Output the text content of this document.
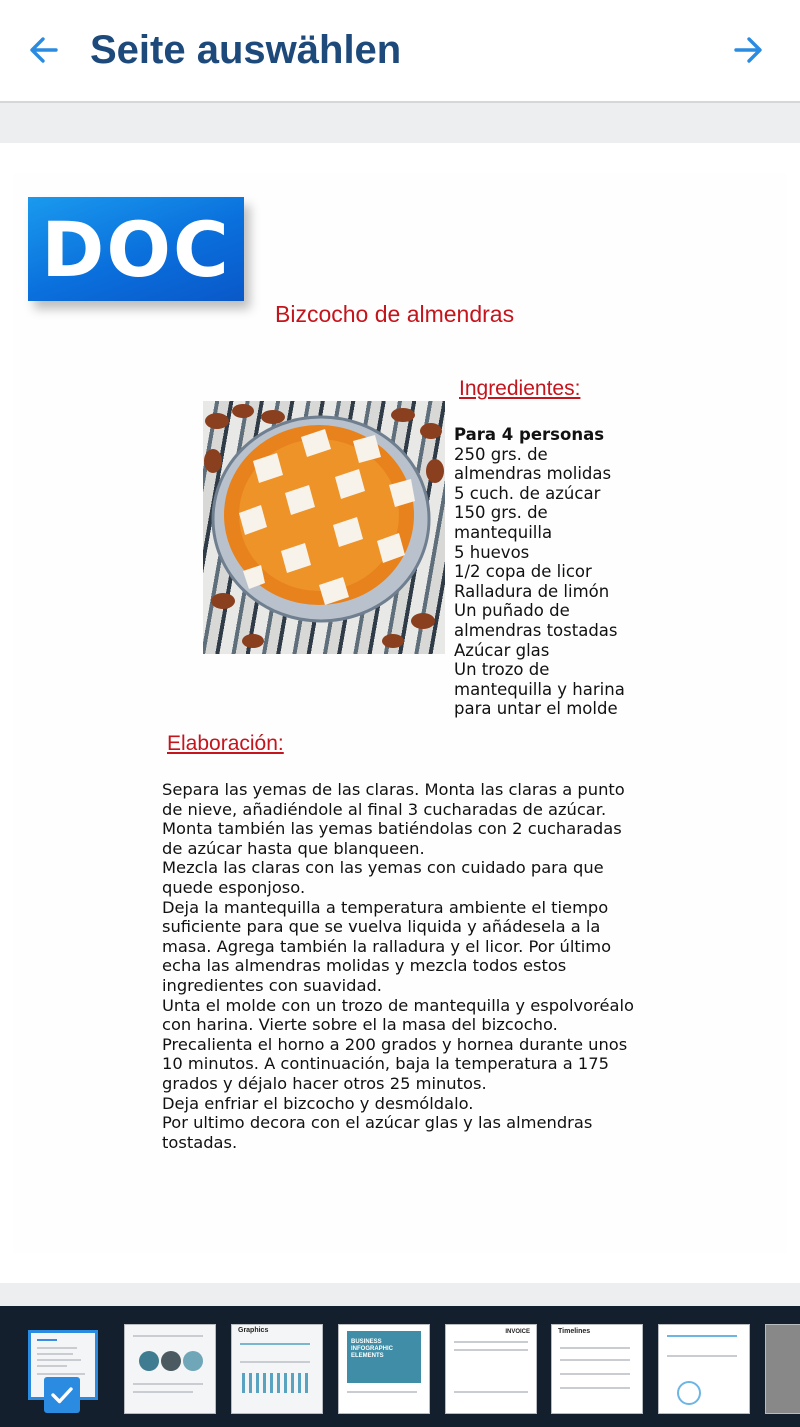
Seite auswählen
DOC
Bizcocho de almendras
Ingredientes:
Para 4 personas
250 grs. de
almendras molidas
5 cuch. de azúcar
150 grs. de
mantequilla
5 huevos
1/2 copa de licor
Ralladura de limón
Un puñado de
almendras tostadas
Azúcar glas
Un trozo de
mantequilla y harina
para untar el molde
Elaboración:
Separa las yemas de las claras. Monta las claras a punto
de nieve, añadiéndole al final 3 cucharadas de azúcar.
Monta también las yemas batiéndolas con 2 cucharadas
de azúcar hasta que blanqueen.
Mezcla las claras con las yemas con cuidado para que
quede esponjoso.
Deja la mantequilla a temperatura ambiente el tiempo
suficiente para que se vuelva liquida y añádesela a la
masa. Agrega también la ralladura y el licor. Por último
echa las almendras molidas y mezcla todos estos
ingredientes con suavidad.
Unta el molde con un trozo de mantequilla y espolvoréalo
con harina. Vierte sobre el la masa del bizcocho.
Precalienta el horno a 200 grados y hornea durante unos
10 minutos. A continuación, baja la temperatura a 175
grados y déjalo hacer otros 25 minutos.
Deja enfriar el bizcocho y desmóldalo.
Por ultimo decora con el azúcar glas y las almendras
tostadas.
Graphics
BUSINESS INFOGRAPHIC ELEMENTS
INVOICE	Timelines
